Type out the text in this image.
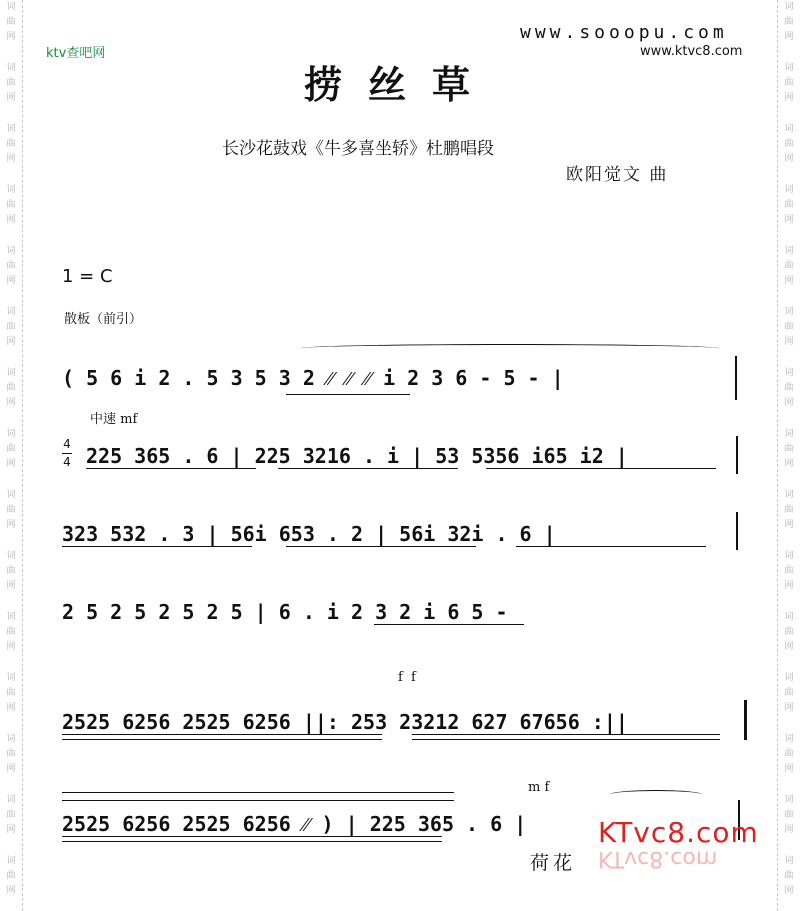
词
曲
网
词
曲
网
词
曲
网
词
曲
网
词
曲
网
词
曲
网
词
曲
网
词
曲
网
词
曲
网
词
曲
网
词
曲
网
词
曲
网
词
曲
网
词
曲
网
词
曲
网
词
曲
网
词
曲
网
词
曲
网
词
曲
网
词
曲
网
词
曲
网
词
曲
网
词
曲
网
词
曲
网
词
曲
网
词
曲
网
词
曲
网
词
曲
网
词
曲
网
词
曲
网
ktv查吧网
www.sooopu.com
www.ktvc8.com
捞丝草
长沙花鼓戏《牛多喜坐轿》杜鹏唱段
欧阳觉文 曲
1 = C
散板（前引）
中速 mf
4
4
( 5 6 i 2 . 5 3 5 3 2 ⁄⁄ ⁄⁄ ⁄⁄ i 2 3 6 - 5 - |
225 365 . 6 | 225 3216 . i | 53 5356 i65 i2 |
323 532 . 3 | 56i 653 . 2 | 56i 32i . 6 |
2 5 2 5 2 5 2 5 | 6 . i 2 3 2 i 6 5 -
f f
2525 6256 2525 6256 ||: 253 23212 627 67656 :||
m f
2525 6256 2525 6256 ⁄⁄ ) | 225 365 . 6 |
荷花
KTvc8.com
KTvc8.com
